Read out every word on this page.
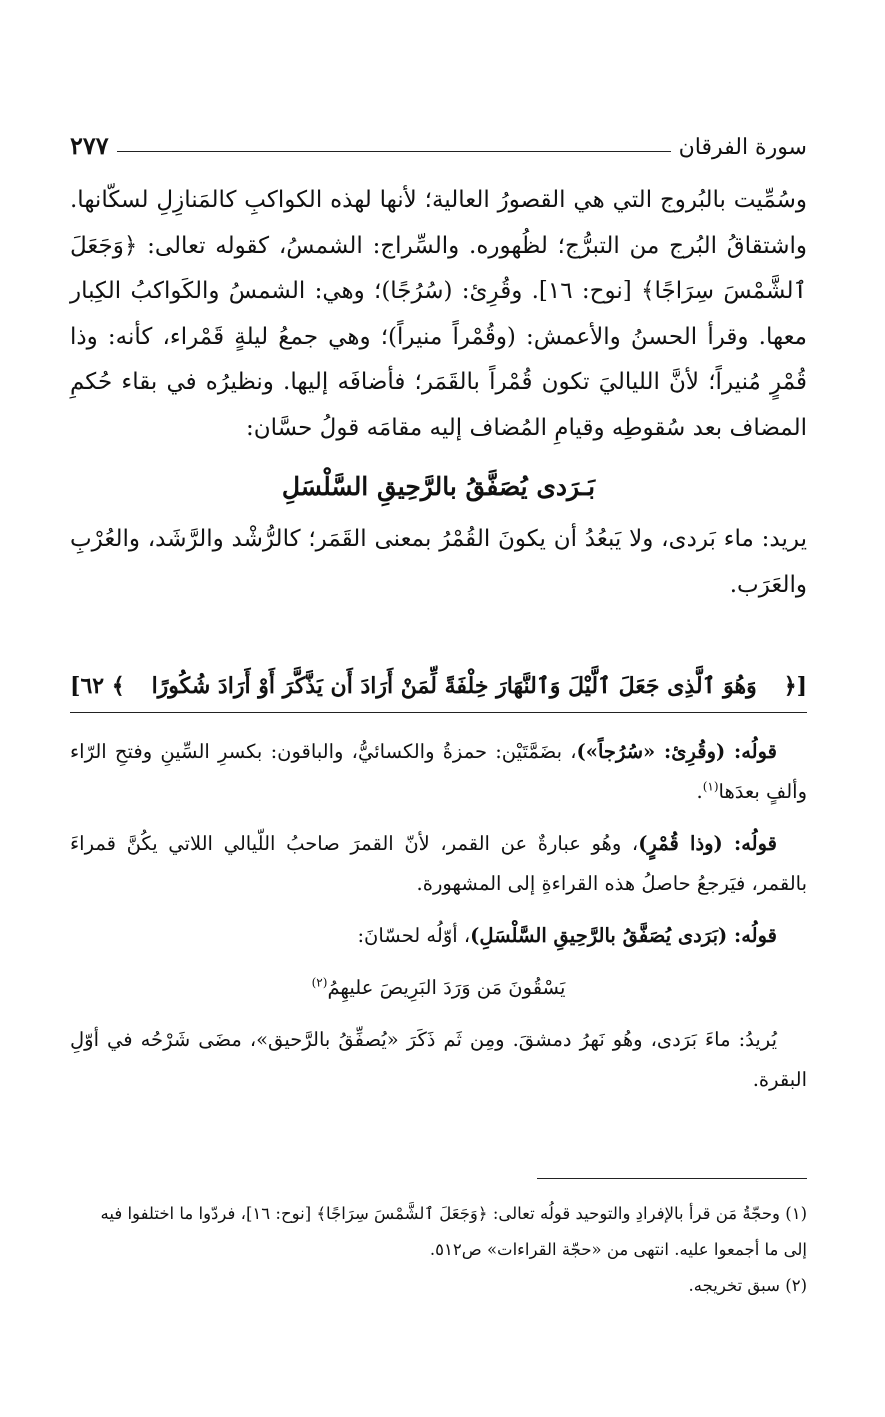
سورة الفرقان
٢٧٧

وسُمِّيت بالبُروج التي هي القصورُ العالية؛ لأنها لهذه الكواكبِ كالمَنازِلِ لسكّانها. واشتقاقُ البُرج من التبرُّج؛ لظُهوره. والسِّراج: الشمسُ، كقوله تعالى: ﴿وَجَعَلَ ٱلشَّمْسَ سِرَاجًا﴾ [نوح: ١٦]. وقُرِئ: (سُرُجًا)؛ وهي: الشمسُ والكَواكبُ الكِبار معها. وقرأ الحسنُ والأعمش: (وقُمْراً منيراً)؛ وهي جمعُ ليلةٍ قَمْراء، كأنه: وذا قُمْرٍ مُنيراً؛ لأنَّ اللياليَ تكون قُمْراً بالقَمَر؛ فأضافَه إليها. ونظيرُه في بقاء حُكمِ المضاف بعد سُقوطِه وقيامِ المُضاف إليه مقامَه قولُ حسَّان:

بَـرَدى يُصَفَّقُ بالرَّحِيقِ السَّلْسَلِ

يريد: ماء بَردى، ولا يَبعُدُ أن يكونَ القُمْرُ بمعنى القَمَر؛ كالرُّشْد والرَّشَد، والعُرْبِ والعَرَب.

[﴿
وَهُوَ ٱلَّذِى جَعَلَ ٱلَّيْلَ وَٱلنَّهَارَ خِلْفَةً لِّمَنْ أَرَادَ أَن يَذَّكَّرَ أَوْ أَرَادَ شُكُورًا
﴾ ٦٢]

قولُه: (وقُرِئ: «سُرُجاً»)، بضَمَّتَيْن: حمزةُ والكسائيُّ، والباقون: بكسرِ السِّينِ وفتحِ الرّاء وألفٍ بعدَها$^{(١)}$.

قولُه: (وذا قُمْرٍ)، وهُو عبارةٌ عن القمر، لأنّ القمرَ صاحبُ اللّيالي اللاتي يكُنَّ قمراءَ بالقمر، فيَرجعُ حاصلُ هذه القراءةِ إلى المشهورة.

قولُه: (بَرَدى يُصَفَّقُ بالرَّحِيقِ السَّلْسَلِ)، أوّلُه لحسّانَ:

يَسْقُونَ مَن وَرَدَ البَرِيصَ عليهِمُ$^{(٢)}$

يُريدُ: ماءَ بَرَدى، وهُو نَهرُ دمشقَ. ومِن ثَم ذَكَرَ «يُصفِّقُ بالرَّحيق»، مضَى شَرْحُه في أوّلِ البقرة.

(١) وحجّةُ مَن قرأ بالإفرادِ والتوحيد قولُه تعالى: ﴿وَجَعَلَ ٱلشَّمْسَ سِرَاجًا﴾ [نوح: ١٦]، فردّوا ما اختلفوا فيه

إلى ما أجمعوا عليه. انتهى من «حجّة القراءات» ص٥١٢.

(٢) سبق تخريجه.
